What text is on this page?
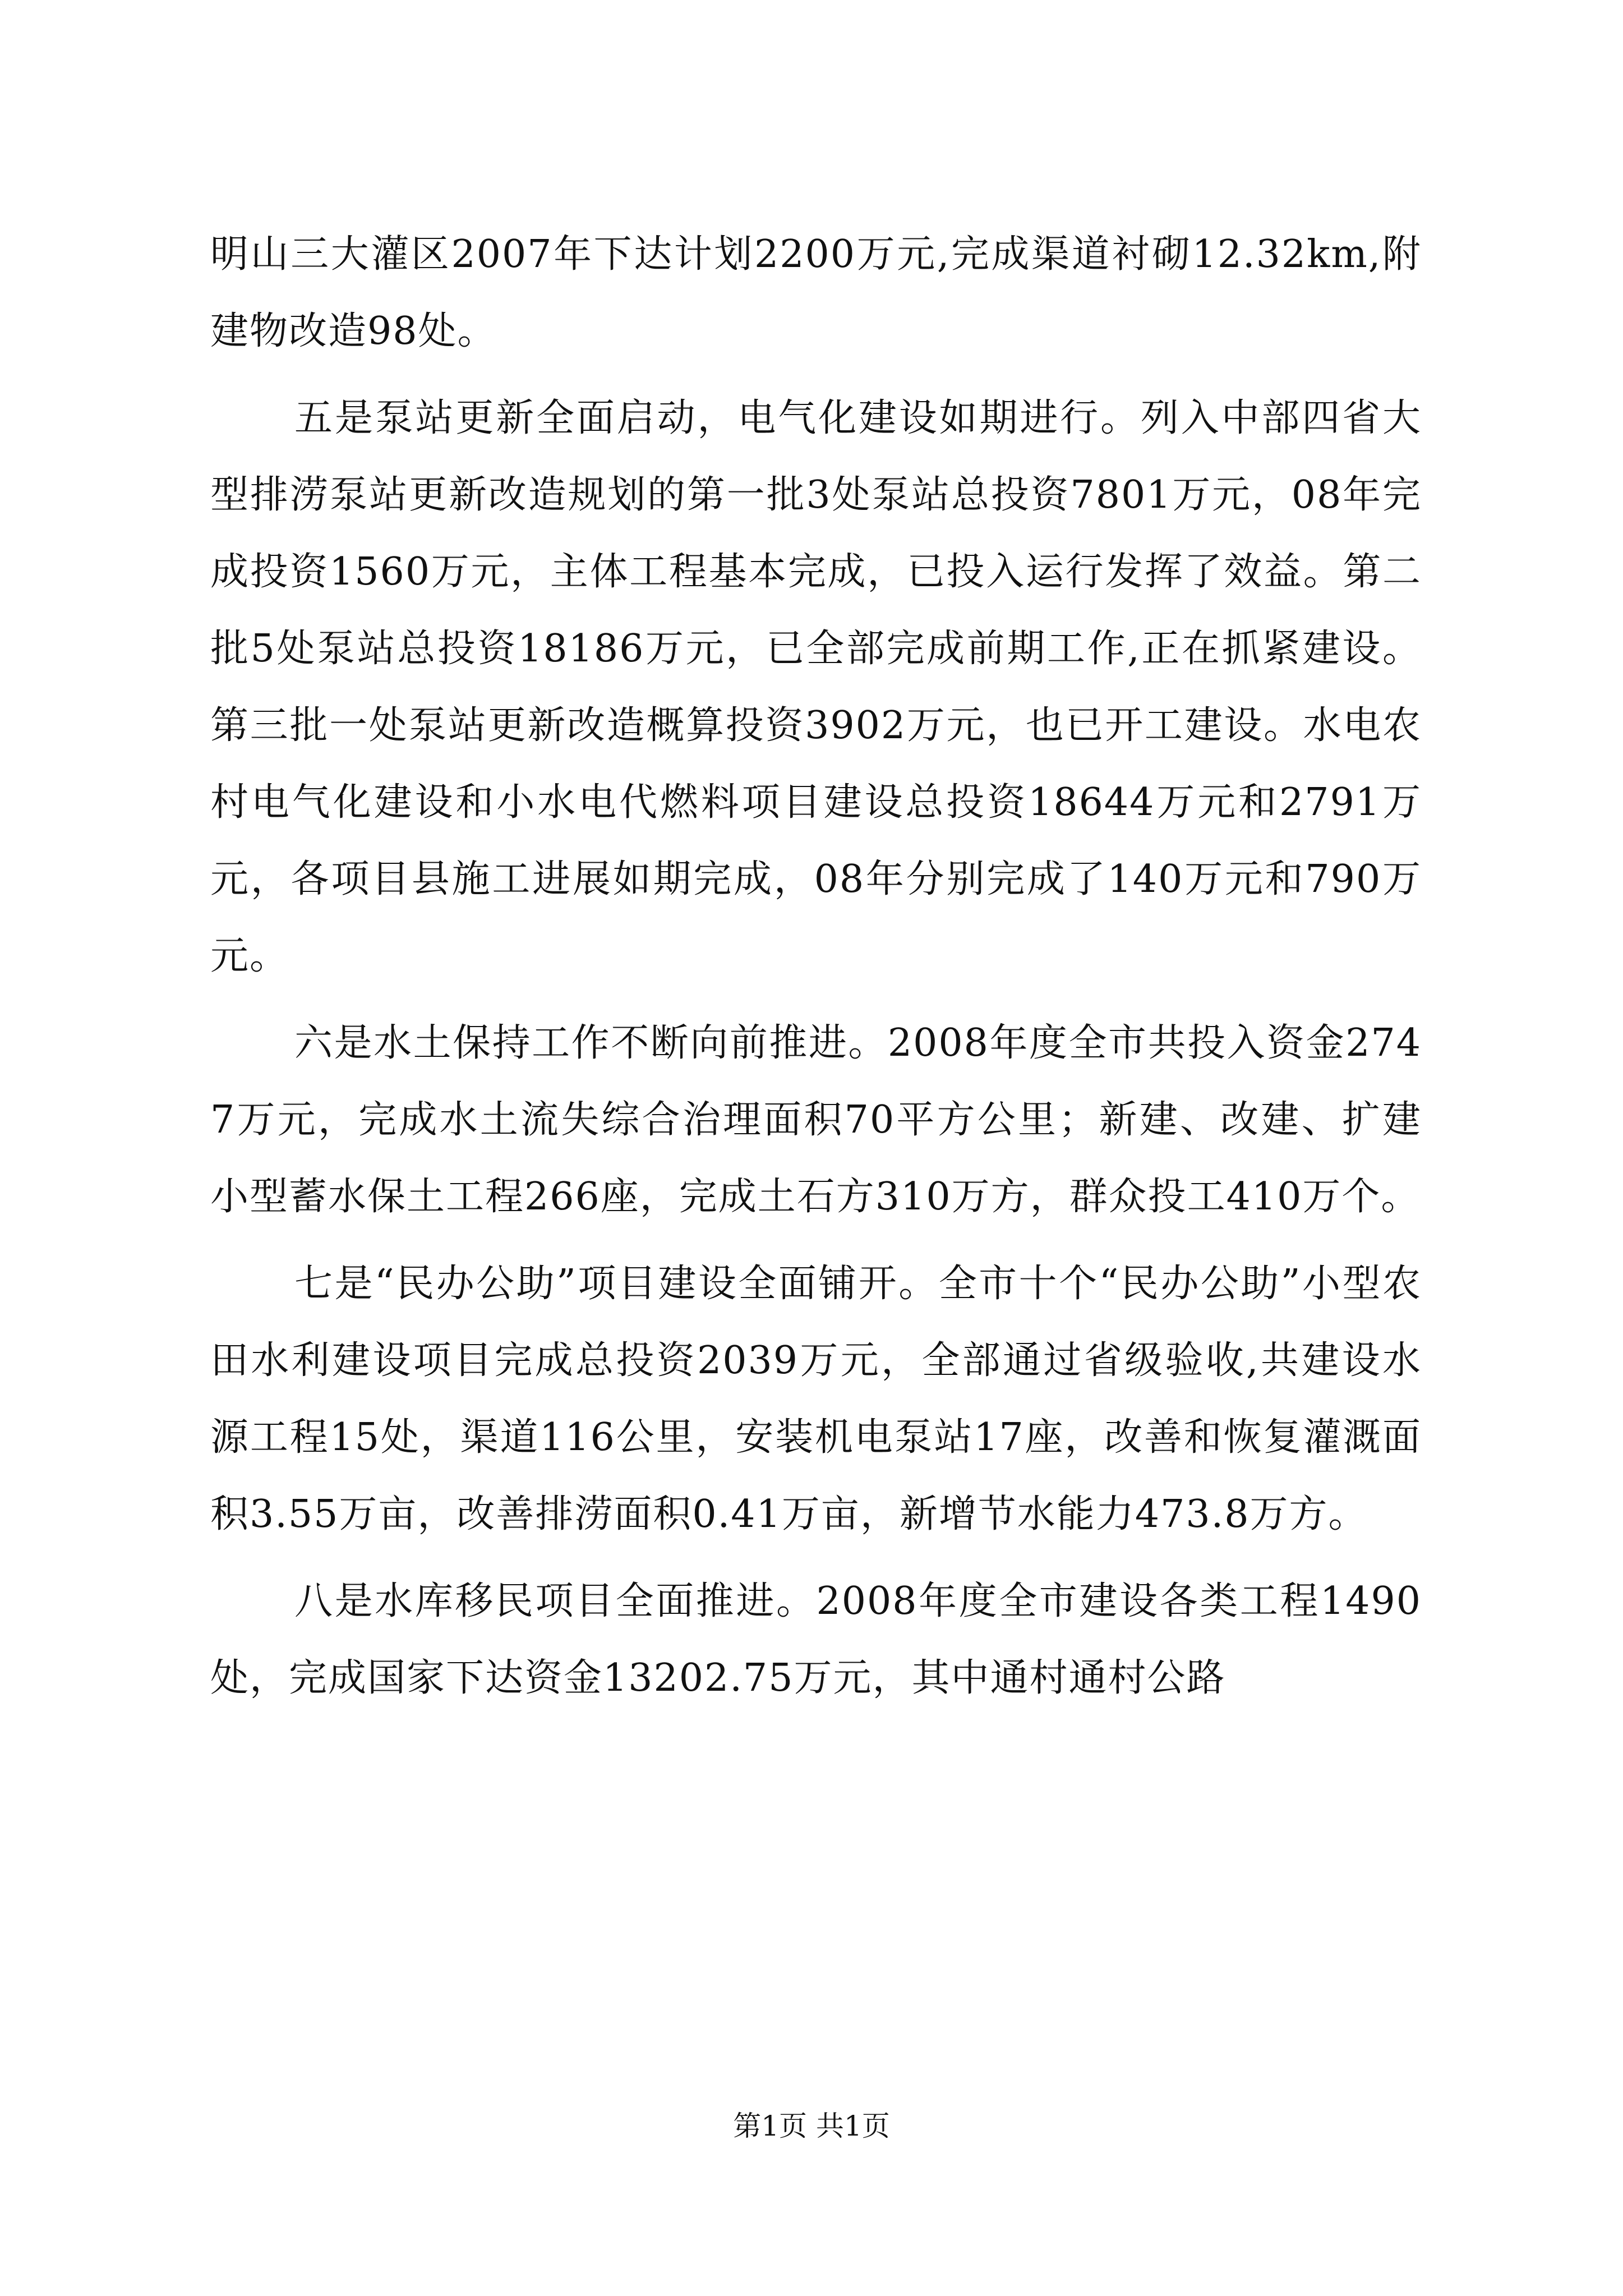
明山三大灌区2007年下达计划2200万元,完成渠道衬砌12.32km,附建物改造98处。

五是泵站更新全面启动，电气化建设如期进行。列入中部四省大型排涝泵站更新改造规划的第一批3处泵站总投资7801万元，08年完成投资1560万元，主体工程基本完成，已投入运行发挥了效益。第二批5处泵站总投资18186万元，已全部完成前期工作,正在抓紧建设。第三批一处泵站更新改造概算投资3902万元，也已开工建设。水电农村电气化建设和小水电代燃料项目建设总投资18644万元和2791万元，各项目县施工进展如期完成，08年分别完成了140万元和790万元。

六是水土保持工作不断向前推进。2008年度全市共投入资金2747万元，完成水土流失综合治理面积70平方公里；新建、改建、扩建小型蓄水保土工程266座，完成土石方310万方，群众投工410万个。

七是“民办公助”项目建设全面铺开。全市十个“民办公助”小型农田水利建设项目完成总投资2039万元，全部通过省级验收,共建设水源工程15处，渠道116公里，安装机电泵站17座，改善和恢复灌溉面积3.55万亩，改善排涝面积0.41万亩，新增节水能力473.8万方。

八是水库移民项目全面推进。2008年度全市建设各类工程1490处，完成国家下达资金13202.75万元，其中通村通村公路

第1页 共1页
